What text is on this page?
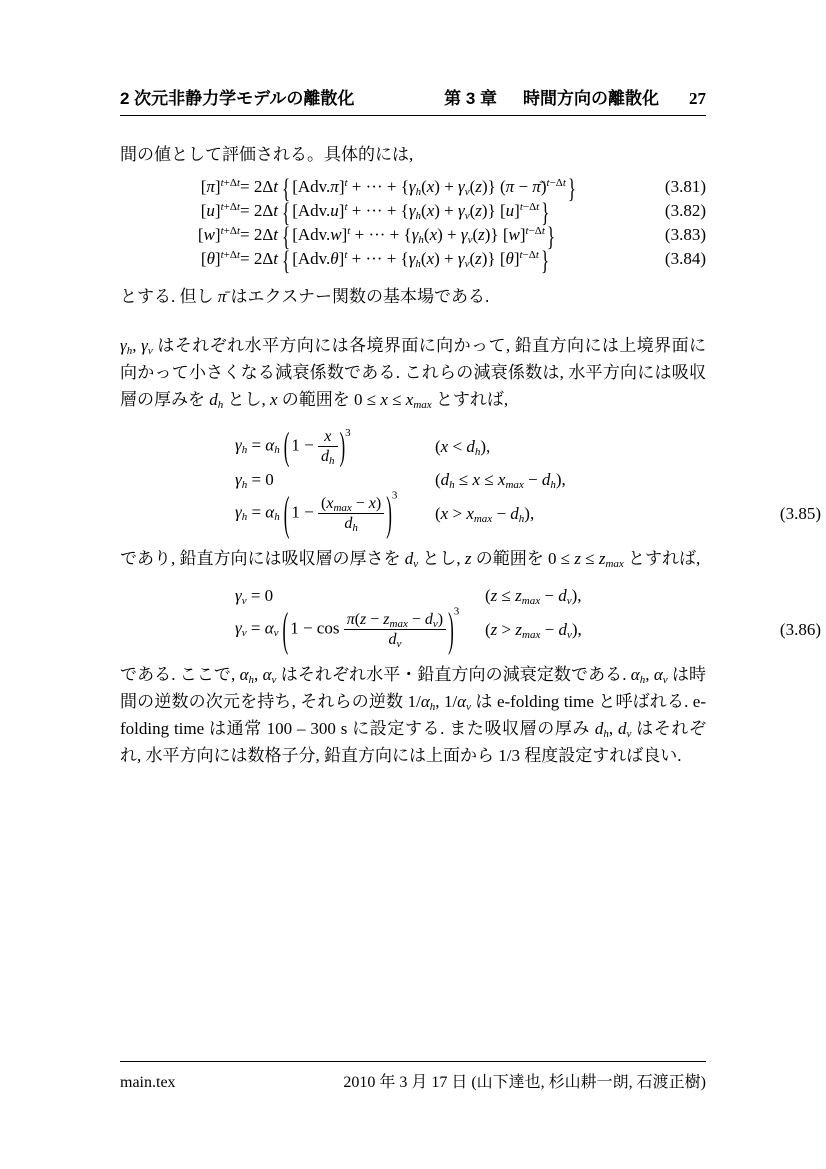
2 次元非静力学モデルの離散化	第 3 章 時間方向の離散化 27

間の値として評価される。具体的には,

$[\pi]^{t+\Delta t} = 2\Delta t$ { $[Adv.\pi]^t$ + ··· + {γh(x) + γv(z)} (π − π̄)$^{t-\Delta t}$ }	(3.81)
$[u]^{t+\Delta t} = 2\Delta t$ { $[Adv.u]^t$ + ··· + {γh(x) + γv(z)} $[u]^{t-\Delta t}$ }	(3.82)
$[w]^{t+\Delta t} = 2\Delta t$ { $[Adv.w]^t$ + ··· + {γh(x) + γv(z)} $[w]^{t-\Delta t}$ }	(3.83)
$[\theta]^{t+\Delta t} = 2\Delta t$ { $[Adv.\theta]^t$ + ··· + {γh(x) + γv(z)} $[\theta]^{t-\Delta t}$ }	(3.84)

とする. 但し π̄ はエクスナー関数の基本場である.

γh, γv はそれぞれ水平方向には各境界面に向かって, 鉛直方向には上境界面に向かって小さくなる減衰係数である. これらの減衰係数は, 水平方向には吸収層の厚みを dh とし, x の範囲を 0 ≤ x ≤ xmax とすれば,

γh = αh ( $1 - \frac{x}{dh} )^3$
(x < dh),
γh = 0	(dh ≤ x ≤ xmax − dh),
γh = αh ( 1 − (xmax − x)
dh	)$^3$
(x > xmax − dh),	(3.85)

であり, 鉛直方向には吸収層の厚さを dv とし, z の範囲を 0 ≤ z ≤ zmax とすれば,

γv = 0	(z ≤ zmax − dv),
γv = αv ( 1 − cos π(z − zmax − dv)
dv	)$^3$
(z > zmax − dv),	(3.86)

である. ここで, αh, αv はそれぞれ水平・鉛直方向の減衰定数である. αh, αv は時間の逆数の次元を持ち, それらの逆数 1/αh, 1/αv は e-folding time と呼ばれる. e-folding time は通常 100 – 300 s に設定する. また吸収層の厚み dh, dv はそれぞれ, 水平方向には数格子分, 鉛直方向には上面から 1/3 程度設定すれば良い.

main.tex	2010 年 3 月 17 日 (山下達也, 杉山耕一朗, 石渡正樹)
